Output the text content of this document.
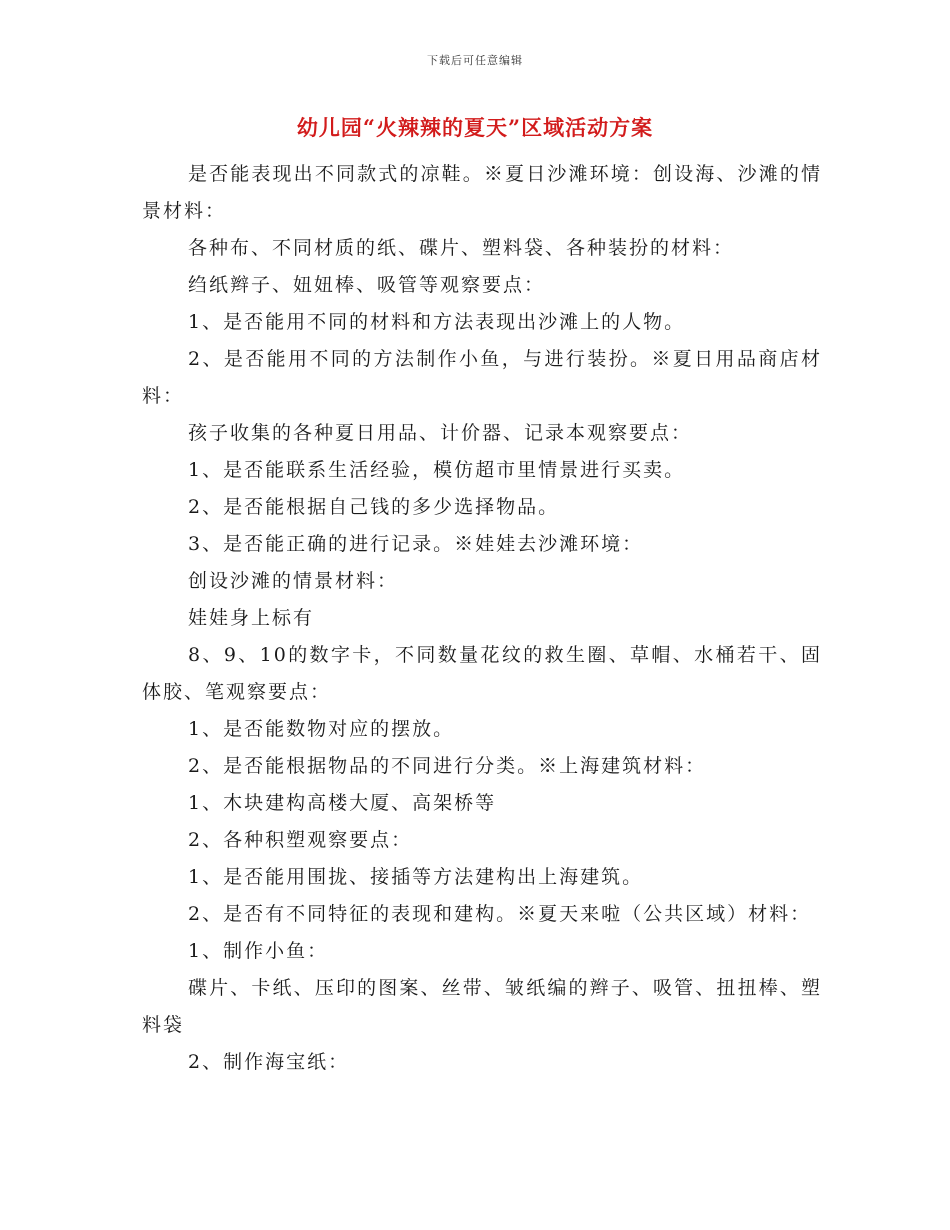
下载后可任意编辑
幼儿园“火辣辣的夏天”区域活动方案

是否能表现出不同款式的凉鞋。※夏日沙滩环境：创设海、沙滩的情景材料：

各种布、不同材质的纸、碟片、塑料袋、各种装扮的材料：

绉纸辫子、妞妞棒、吸管等观察要点：

1、是否能用不同的材料和方法表现出沙滩上的人物。

2、是否能用不同的方法制作小鱼，与进行装扮。※夏日用品商店材料：

孩子收集的各种夏日用品、计价器、记录本观察要点：

1、是否能联系生活经验，模仿超市里情景进行买卖。

2、是否能根据自己钱的多少选择物品。

3、是否能正确的进行记录。※娃娃去沙滩环境：

创设沙滩的情景材料：

娃娃身上标有

8、9、10的数字卡，不同数量花纹的救生圈、草帽、水桶若干、固体胶、笔观察要点：

1、是否能数物对应的摆放。

2、是否能根据物品的不同进行分类。※上海建筑材料：

1、木块建构高楼大厦、高架桥等

2、各种积塑观察要点：

1、是否能用围拢、接插等方法建构出上海建筑。

2、是否有不同特征的表现和建构。※夏天来啦（公共区域）材料：

1、制作小鱼：

碟片、卡纸、压印的图案、丝带、皱纸编的辫子、吸管、扭扭棒、塑料袋

2、制作海宝纸：
